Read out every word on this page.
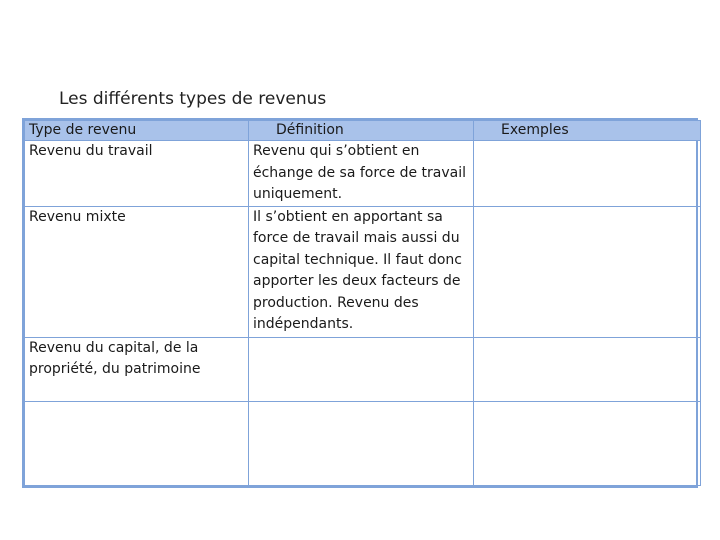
Les différents types de revenus
Type de revenu	Définition	Exemples
Revenu du travail	Revenu qui s’obtient en échange de sa force de travail uniquement.	
Revenu mixte	Il s’obtient en apportant sa force de travail mais aussi du capital technique. Il faut donc apporter les deux facteurs de production. Revenu des indépendants.	
Revenu du capital, de la propriété, du patrimoine		
